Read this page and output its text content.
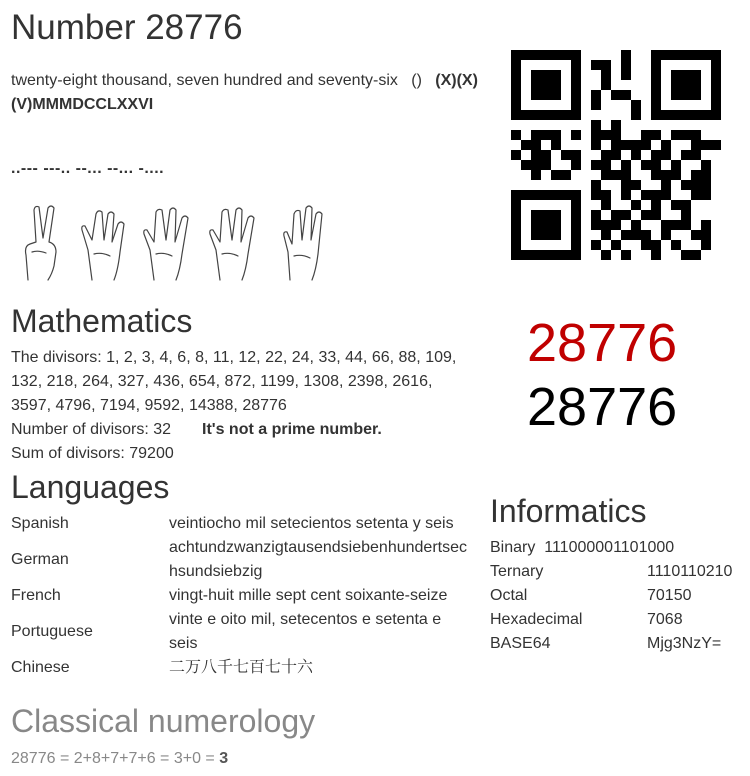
Number 28776
twenty-eight thousand, seven hundred and seventy-six () (X)(X)(V)MMMDCCLXXVI
..--- ---.. --... --... -....
28776
28776
Mathematics
The divisors: 1, 2, 3, 4, 6, 8, 11, 12, 22, 24, 33, 44, 66, 88, 109, 132, 218, 264, 327, 436, 654, 872, 1199, 1308, 2398, 2616, 3597, 4796, 7194, 9592, 14388, 28776
Number of divisors: 32 It's not a prime number.
Sum of divisors: 79200
Languages
Spanish	veintiocho mil setecientos setenta y seis
German	achtundzwanzigtausendsiebenhundertsechsundsiebzig

French	vingt-huit mille sept cent soixante-seize
Portuguese	vinte e oito mil, setecentos e setenta e seis

Chinese	二万八千七百七十六
Informatics
Binary 111000001101000	
Ternary	1110110210
Octal	70150
Hexadecimal	7068
BASE64	Mjg3NzY=
Classical numerology
28776 = 2+8+7+7+6 = 3+0 = 3
